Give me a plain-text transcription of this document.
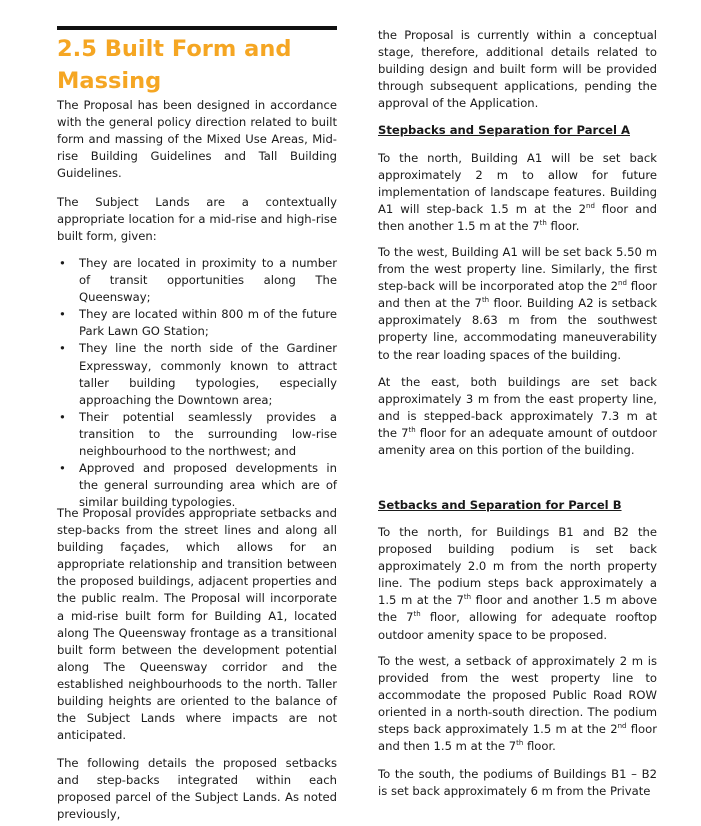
2.5 Built Form and
Massing

The Proposal has been designed in accordance with the general policy direction related to built form and massing of the Mixed Use Areas, Mid-rise Building Guidelines and Tall Building Guidelines.

The Subject Lands are a contextually appropriate location for a mid-rise and high-rise built form, given:

• They are located in proximity to a number of transit opportunities along The Queensway;
• They are located within 800 m of the future Park Lawn GO Station;
• They line the north side of the Gardiner Expressway, commonly known to attract taller building typologies, especially approaching the Downtown area;
• Their potential seamlessly provides a transition to the surrounding low-rise neighbourhood to the northwest; and
• Approved and proposed developments in the general surrounding area which are of similar building typologies.

The Proposal provides appropriate setbacks and step-backs from the street lines and along all building façades, which allows for an appropriate relationship and transition between the proposed buildings, adjacent properties and the public realm. The Proposal will incorporate a mid-rise built form for Building A1, located along The Queensway frontage as a transitional built form between the development potential along The Queensway corridor and the established neighbourhoods to the north. Taller building heights are oriented to the balance of the Subject Lands where impacts are not anticipated.

The following details the proposed setbacks and step-backs integrated within each proposed parcel of the Subject Lands. As noted previously,

the Proposal is currently within a conceptual stage, therefore, additional details related to building design and built form will be provided through subsequent applications, pending the approval of the Application.

Stepbacks and Separation for Parcel A

To the north, Building A1 will be set back approximately 2 m to allow for future implementation of landscape features. Building A1 will step-back 1.5 m at the 2nd floor and then another 1.5 m at the 7th floor.

To the west, Building A1 will be set back 5.50 m from the west property line. Similarly, the first step-back will be incorporated atop the 2nd floor and then at the 7th floor. Building A2 is setback approximately 8.63 m from the southwest property line, accommodating maneuverability to the rear loading spaces of the building.

At the east, both buildings are set back approximately 3 m from the east property line, and is stepped-back approximately 7.3 m at the 7th floor for an adequate amount of outdoor amenity area on this portion of the building.

Setbacks and Separation for Parcel B

To the north, for Buildings B1 and B2 the proposed building podium is set back approximately 2.0 m from the north property line. The podium steps back approximately a 1.5 m at the 7th floor and another 1.5 m above the 7th floor, allowing for adequate rooftop outdoor amenity space to be proposed.

To the west, a setback of approximately 2 m is provided from the west property line to accommodate the proposed Public Road ROW oriented in a north-south direction. The podium steps back approximately 1.5 m at the 2nd floor and then 1.5 m at the 7th floor.

To the south, the podiums of Buildings B1 – B2 is set back approximately 6 m from the Private
